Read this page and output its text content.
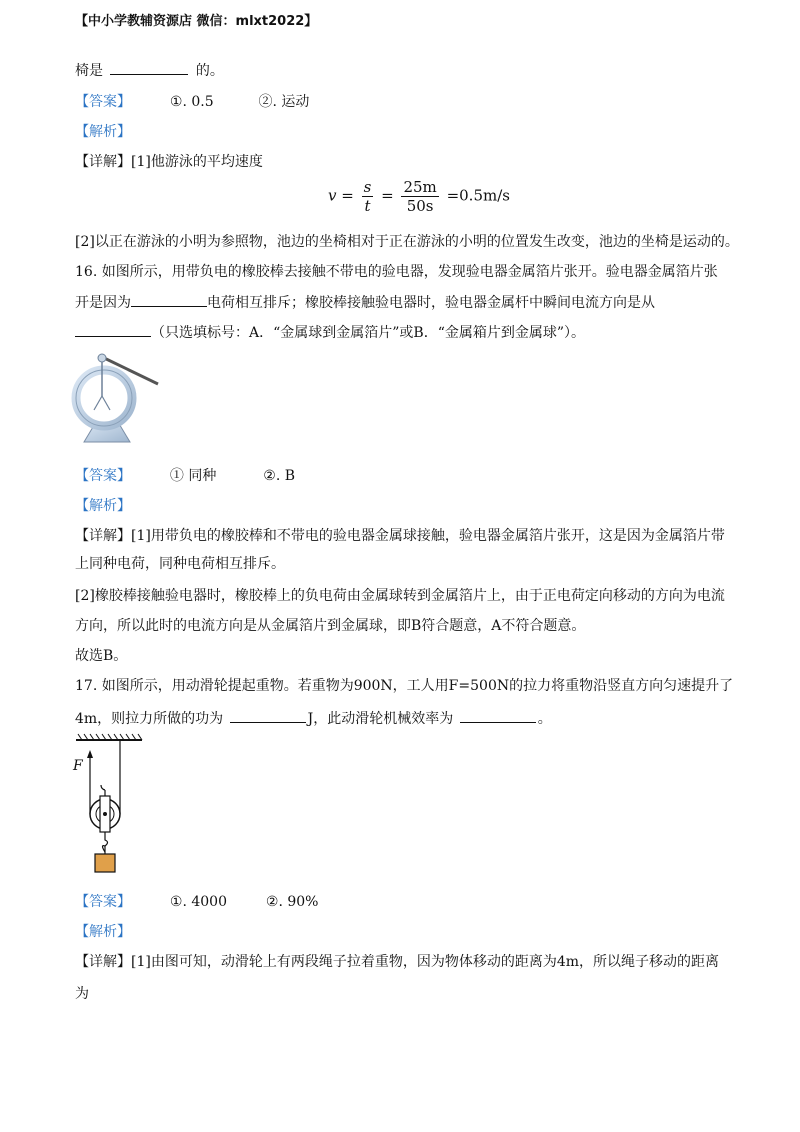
【中小学教辅资源店 微信：mlxt2022】
椅是	的。
【答案】	①. 0.5	②. 运动
【解析】
【详解】[1]他游泳的平均速度
$v = \frac{s}{t} = \frac{25m}{50s} =0.5m/s$
[2]以正在游泳的小明为参照物，池边的坐椅相对于正在游泳的小明的位置发生改变，池边的坐椅是运动的。
16. 如图所示，用带负电的橡胶棒去接触不带电的验电器，发现验电器金属箔片张开。验电器金属箔片张
开是因为	电荷相互排斥；橡胶棒接触验电器时，验电器金属杆中瞬间电流方向是从
（只选填标号：A．“金属球到金属箔片”或B．“金属箱片到金属球”）。
【答案】	① 同种	②. B
【解析】
【详解】[1]用带负电的橡胶棒和不带电的验电器金属球接触，验电器金属箔片张开，这是因为金属箔片带
上同种电荷，同种电荷相互排斥。
[2]橡胶棒接触验电器时，橡胶棒上的负电荷由金属球转到金属箔片上，由于正电荷定向移动的方向为电流
方向，所以此时的电流方向是从金属箔片到金属球，即B符合题意，A不符合题意。
故选B。
17. 如图所示，用动滑轮提起重物。若重物为900N，工人用F=500N的拉力将重物沿竖直方向匀速提升了
4m，则拉力所做的功为	J，此动滑轮机械效率为	。
F
【答案】	①. 4000	②. 90%
【解析】
【详解】[1]由图可知，动滑轮上有两段绳子拉着重物，因为物体移动的距离为4m，所以绳子移动的距离
为
